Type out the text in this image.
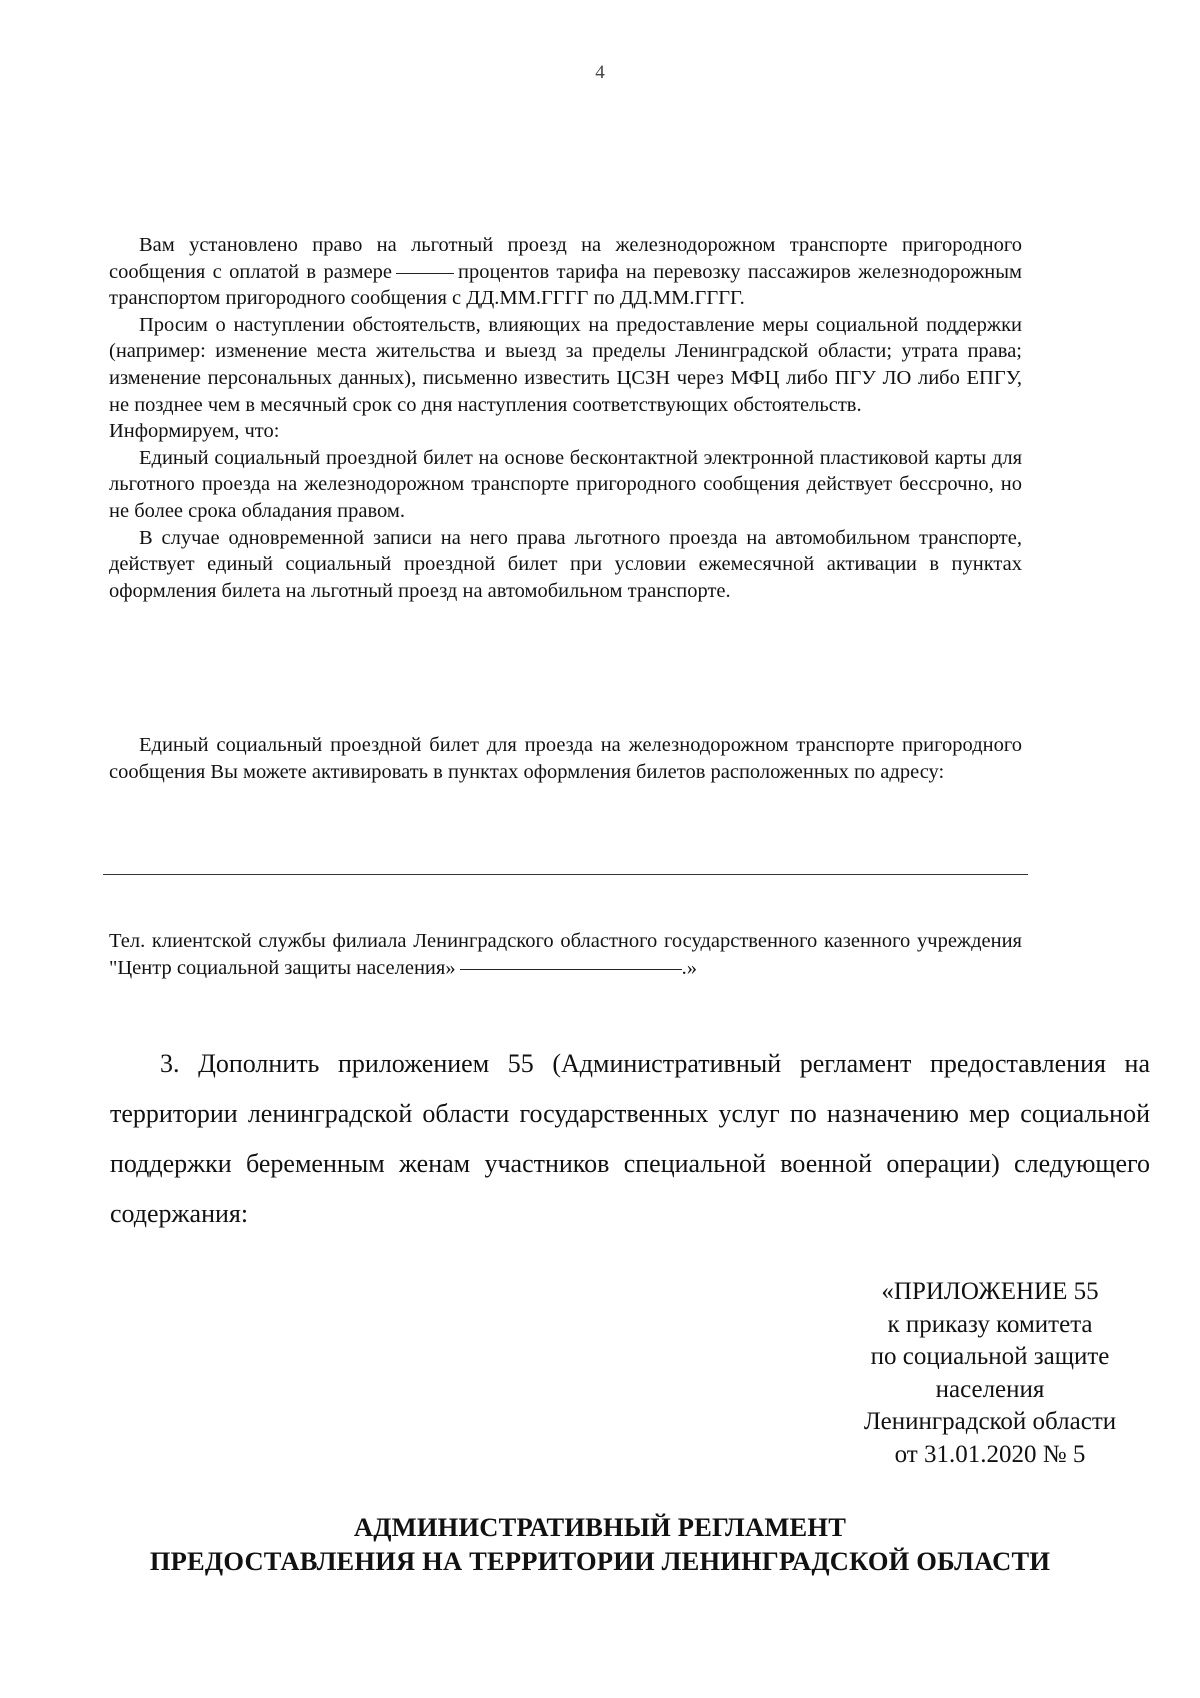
4

Вам установлено право на льготный проезд на железнодорожном транспорте пригородного сообщения с оплатой в размере	процентов тарифа на перевозку пассажиров железнодорожным транспортом пригородного сообщения с ДД.ММ.ГГГГ по ДД.ММ.ГГГГ.

Просим о наступлении обстоятельств, влияющих на предоставление меры социальной поддержки (например: изменение места жительства и выезд за пределы Ленинградской области; утрата права; изменение персональных данных), письменно известить ЦСЗН через МФЦ либо ПГУ ЛО либо ЕПГУ, не позднее чем в месячный срок со дня наступления соответствующих обстоятельств.

Информируем, что:

Единый социальный проездной билет на основе бесконтактной электронной пластиковой карты для льготного проезда на железнодорожном транспорте пригородного сообщения действует бессрочно, но не более срока обладания правом.

В случае одновременной записи на него права льготного проезда на автомобильном транспорте, действует единый социальный проездной билет при условии ежемесячной активации в пунктах оформления билета на льготный проезд на автомобильном транспорте.

Единый социальный проездной билет для проезда на железнодорожном транспорте пригородного сообщения Вы можете активировать в пунктах оформления билетов расположенных по адресу:

Тел. клиентской службы филиала Ленинградского областного государственного казенного учреждения "Центр социальной защиты населения»	.»

3. Дополнить приложением 55 (Административный регламент предоставления на территории ленинградской области государственных услуг по назначению мер социальной поддержки беременным женам участников специальной военной операции) следующего содержания:

«ПРИЛОЖЕНИЕ 55
к приказу комитета
по социальной защите
населения
Ленинградской области
от 31.01.2020 № 5
АДМИНИСТРАТИВНЫЙ РЕГЛАМЕНТ
ПРЕДОСТАВЛЕНИЯ НА ТЕРРИТОРИИ ЛЕНИНГРАДСКОЙ ОБЛАСТИ
